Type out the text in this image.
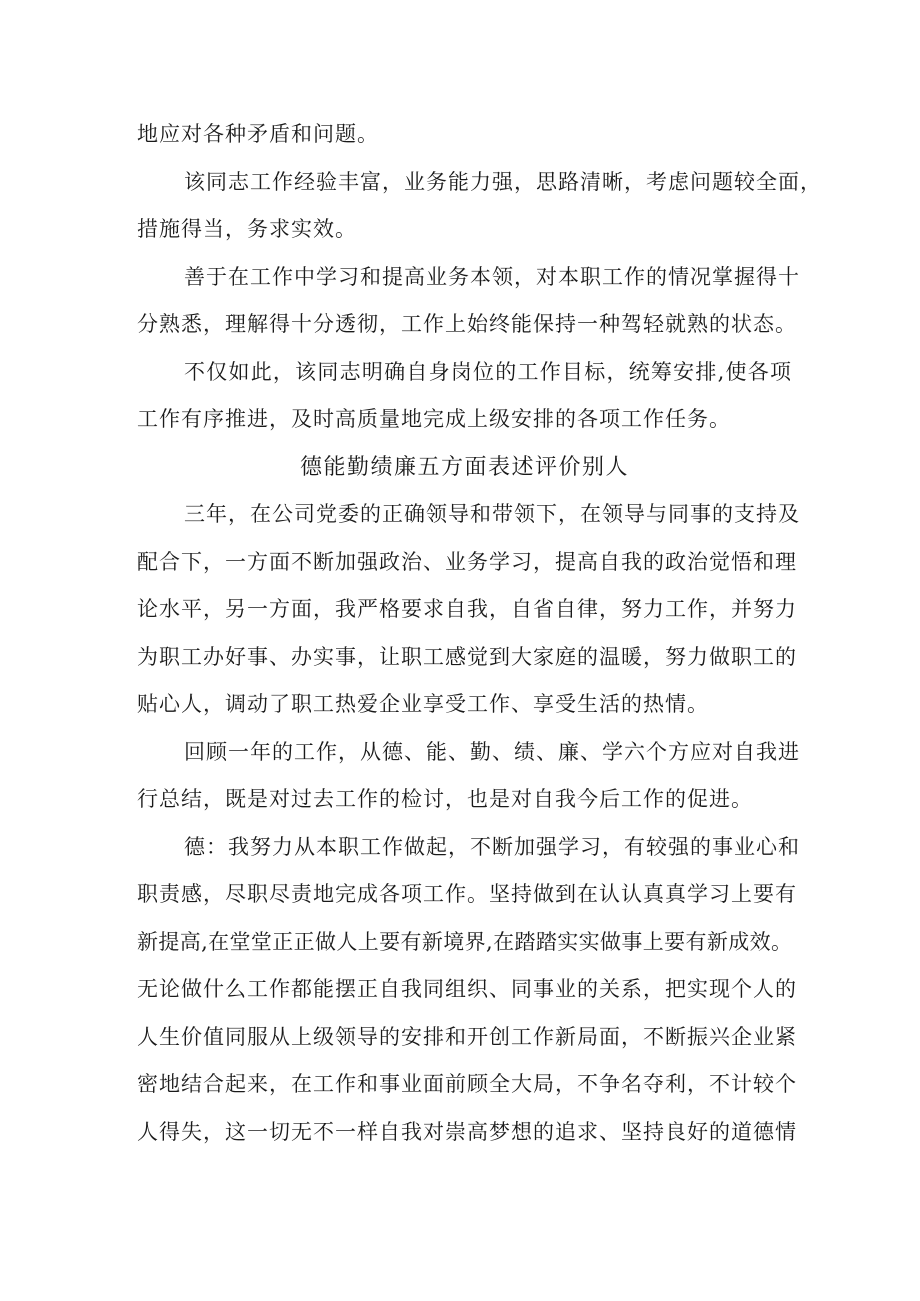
地应对各种矛盾和问题。
该同志工作经验丰富，业务能力强，思路清晰，考虑问题较全面，
措施得当，务求实效。
善于在工作中学习和提高业务本领，对本职工作的情况掌握得十
分熟悉，理解得十分透彻，工作上始终能保持一种驾轻就熟的状态。
不仅如此，该同志明确自身岗位的工作目标，统筹安排,使各项
工作有序推进，及时高质量地完成上级安排的各项工作任务。
德能勤绩廉五方面表述评价别人
三年，在公司党委的正确领导和带领下，在领导与同事的支持及
配合下，一方面不断加强政治、业务学习，提高自我的政治觉悟和理
论水平，另一方面，我严格要求自我，自省自律，努力工作，并努力
为职工办好事、办实事，让职工感觉到大家庭的温暖，努力做职工的
贴心人，调动了职工热爱企业享受工作、享受生活的热情。
回顾一年的工作，从德、能、勤、绩、廉、学六个方应对自我进
行总结，既是对过去工作的检讨，也是对自我今后工作的促进。
德：我努力从本职工作做起，不断加强学习，有较强的事业心和
职责感，尽职尽责地完成各项工作。坚持做到在认认真真学习上要有
新提高,在堂堂正正做人上要有新境界,在踏踏实实做事上要有新成效。
无论做什么工作都能摆正自我同组织、同事业的关系，把实现个人的
人生价值同服从上级领导的安排和开创工作新局面，不断振兴企业紧
密地结合起来，在工作和事业面前顾全大局，不争名夺利，不计较个
人得失，这一切无不一样自我对崇高梦想的追求、坚持良好的道德情
